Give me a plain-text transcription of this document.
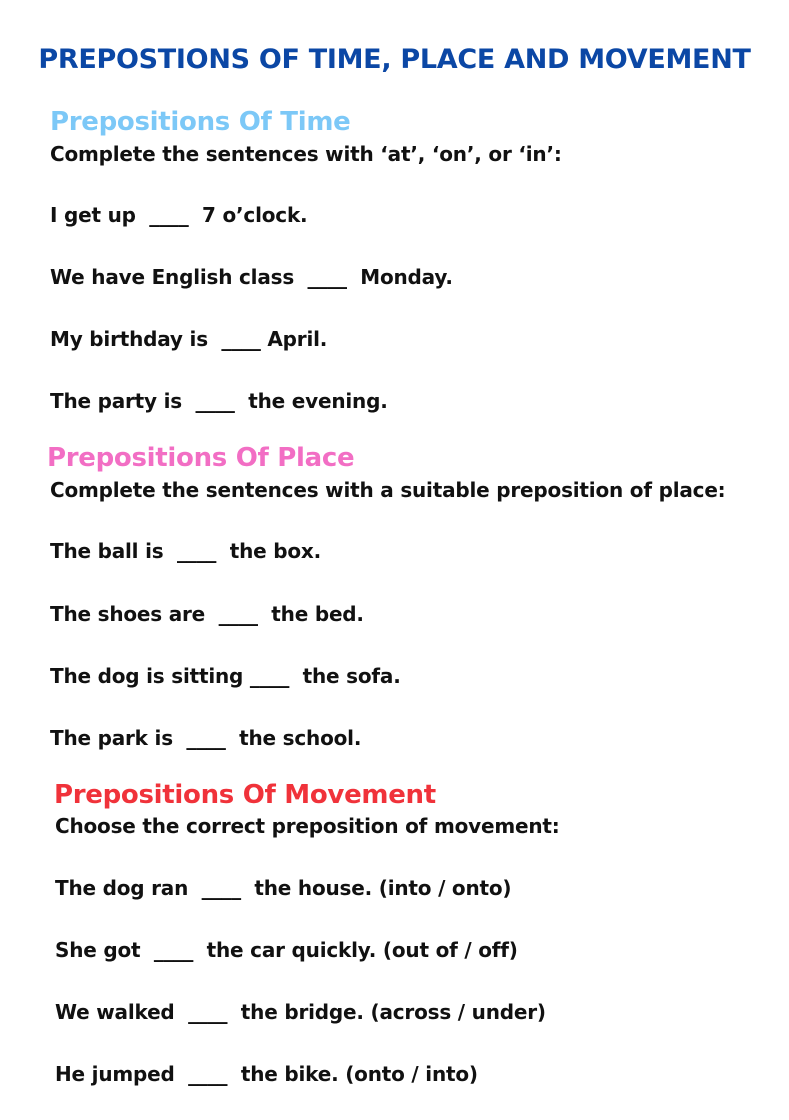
PREPOSTIONS OF TIME, PLACE AND MOVEMENT
Prepositions Of Time
Complete the sentences with ‘at’, ‘on’, or ‘in’:
I get up  ____  7 o’clock.
We have English class  ____  Monday.
My birthday is  ____ April.
The party is  ____  the evening.
Prepositions Of Place
Complete the sentences with a suitable preposition of place:
The ball is  ____  the box.
The shoes are  ____  the bed.
The dog is sitting ____  the sofa.
The park is  ____  the school.
Prepositions Of Movement
Choose the correct preposition of movement:
The dog ran  ____  the house. (into / onto)
She got  ____  the car quickly. (out of / off)
We walked  ____  the bridge. (across / under)
He jumped  ____  the bike. (onto / into)
